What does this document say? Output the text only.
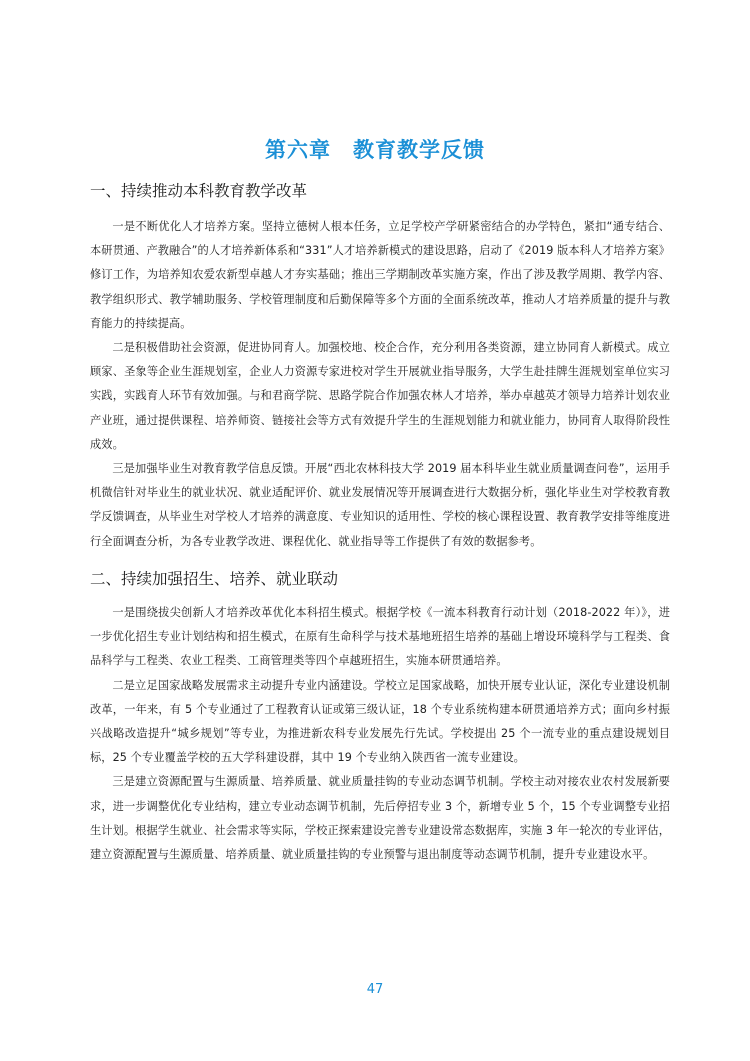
第六章　教育教学反馈
一、持续推动本科教育教学改革

一是不断优化人才培养方案。坚持立德树人根本任务，立足学校产学研紧密结合的办学特色，紧扣“通专结合、本研贯通、产教融合”的人才培养新体系和“331”人才培养新模式的建设思路，启动了《2019 版本科人才培养方案》修订工作，为培养知农爱农新型卓越人才夯实基础；推出三学期制改革实施方案，作出了涉及教学周期、教学内容、教学组织形式、教学辅助服务、学校管理制度和后勤保障等多个方面的全面系统改革，推动人才培养质量的提升与教育能力的持续提高。

二是积极借助社会资源，促进协同育人。加强校地、校企合作，充分利用各类资源，建立协同育人新模式。成立顾家、圣象等企业生涯规划室，企业人力资源专家进校对学生开展就业指导服务，大学生赴挂牌生涯规划室单位实习实践，实践育人环节有效加强。与和君商学院、思路学院合作加强农林人才培养，举办卓越英才领导力培养计划农业产业班，通过提供课程、培养师资、链接社会等方式有效提升学生的生涯规划能力和就业能力，协同育人取得阶段性成效。

三是加强毕业生对教育教学信息反馈。开展“西北农林科技大学 2019 届本科毕业生就业质量调查问卷”，运用手机微信针对毕业生的就业状况、就业适配评价、就业发展情况等开展调查进行大数据分析，强化毕业生对学校教育教学反馈调查，从毕业生对学校人才培养的满意度、专业知识的适用性、学校的核心课程设置、教育教学安排等维度进行全面调查分析，为各专业教学改进、课程优化、就业指导等工作提供了有效的数据参考。

二、持续加强招生、培养、就业联动

一是围绕拔尖创新人才培养改革优化本科招生模式。根据学校《一流本科教育行动计划（2018-2022 年）》，进一步优化招生专业计划结构和招生模式，在原有生命科学与技术基地班招生培养的基础上增设环境科学与工程类、食品科学与工程类、农业工程类、工商管理类等四个卓越班招生，实施本研贯通培养。

二是立足国家战略发展需求主动提升专业内涵建设。学校立足国家战略，加快开展专业认证，深化专业建设机制改革，一年来，有 5 个专业通过了工程教育认证或第三级认证，18 个专业系统构建本研贯通培养方式；面向乡村振兴战略改造提升“城乡规划”等专业，为推进新农科专业发展先行先试。学校提出 25 个一流专业的重点建设规划目标，25 个专业覆盖学校的五大学科建设群，其中 19 个专业纳入陕西省一流专业建设。

三是建立资源配置与生源质量、培养质量、就业质量挂钩的专业动态调节机制。学校主动对接农业农村发展新要求，进一步调整优化专业结构，建立专业动态调节机制，先后停招专业 3 个，新增专业 5 个，15 个专业调整专业招生计划。根据学生就业、社会需求等实际，学校正探索建设完善专业建设常态数据库，实施 3 年一轮次的专业评估，建立资源配置与生源质量、培养质量、就业质量挂钩的专业预警与退出制度等动态调节机制，提升专业建设水平。

47
